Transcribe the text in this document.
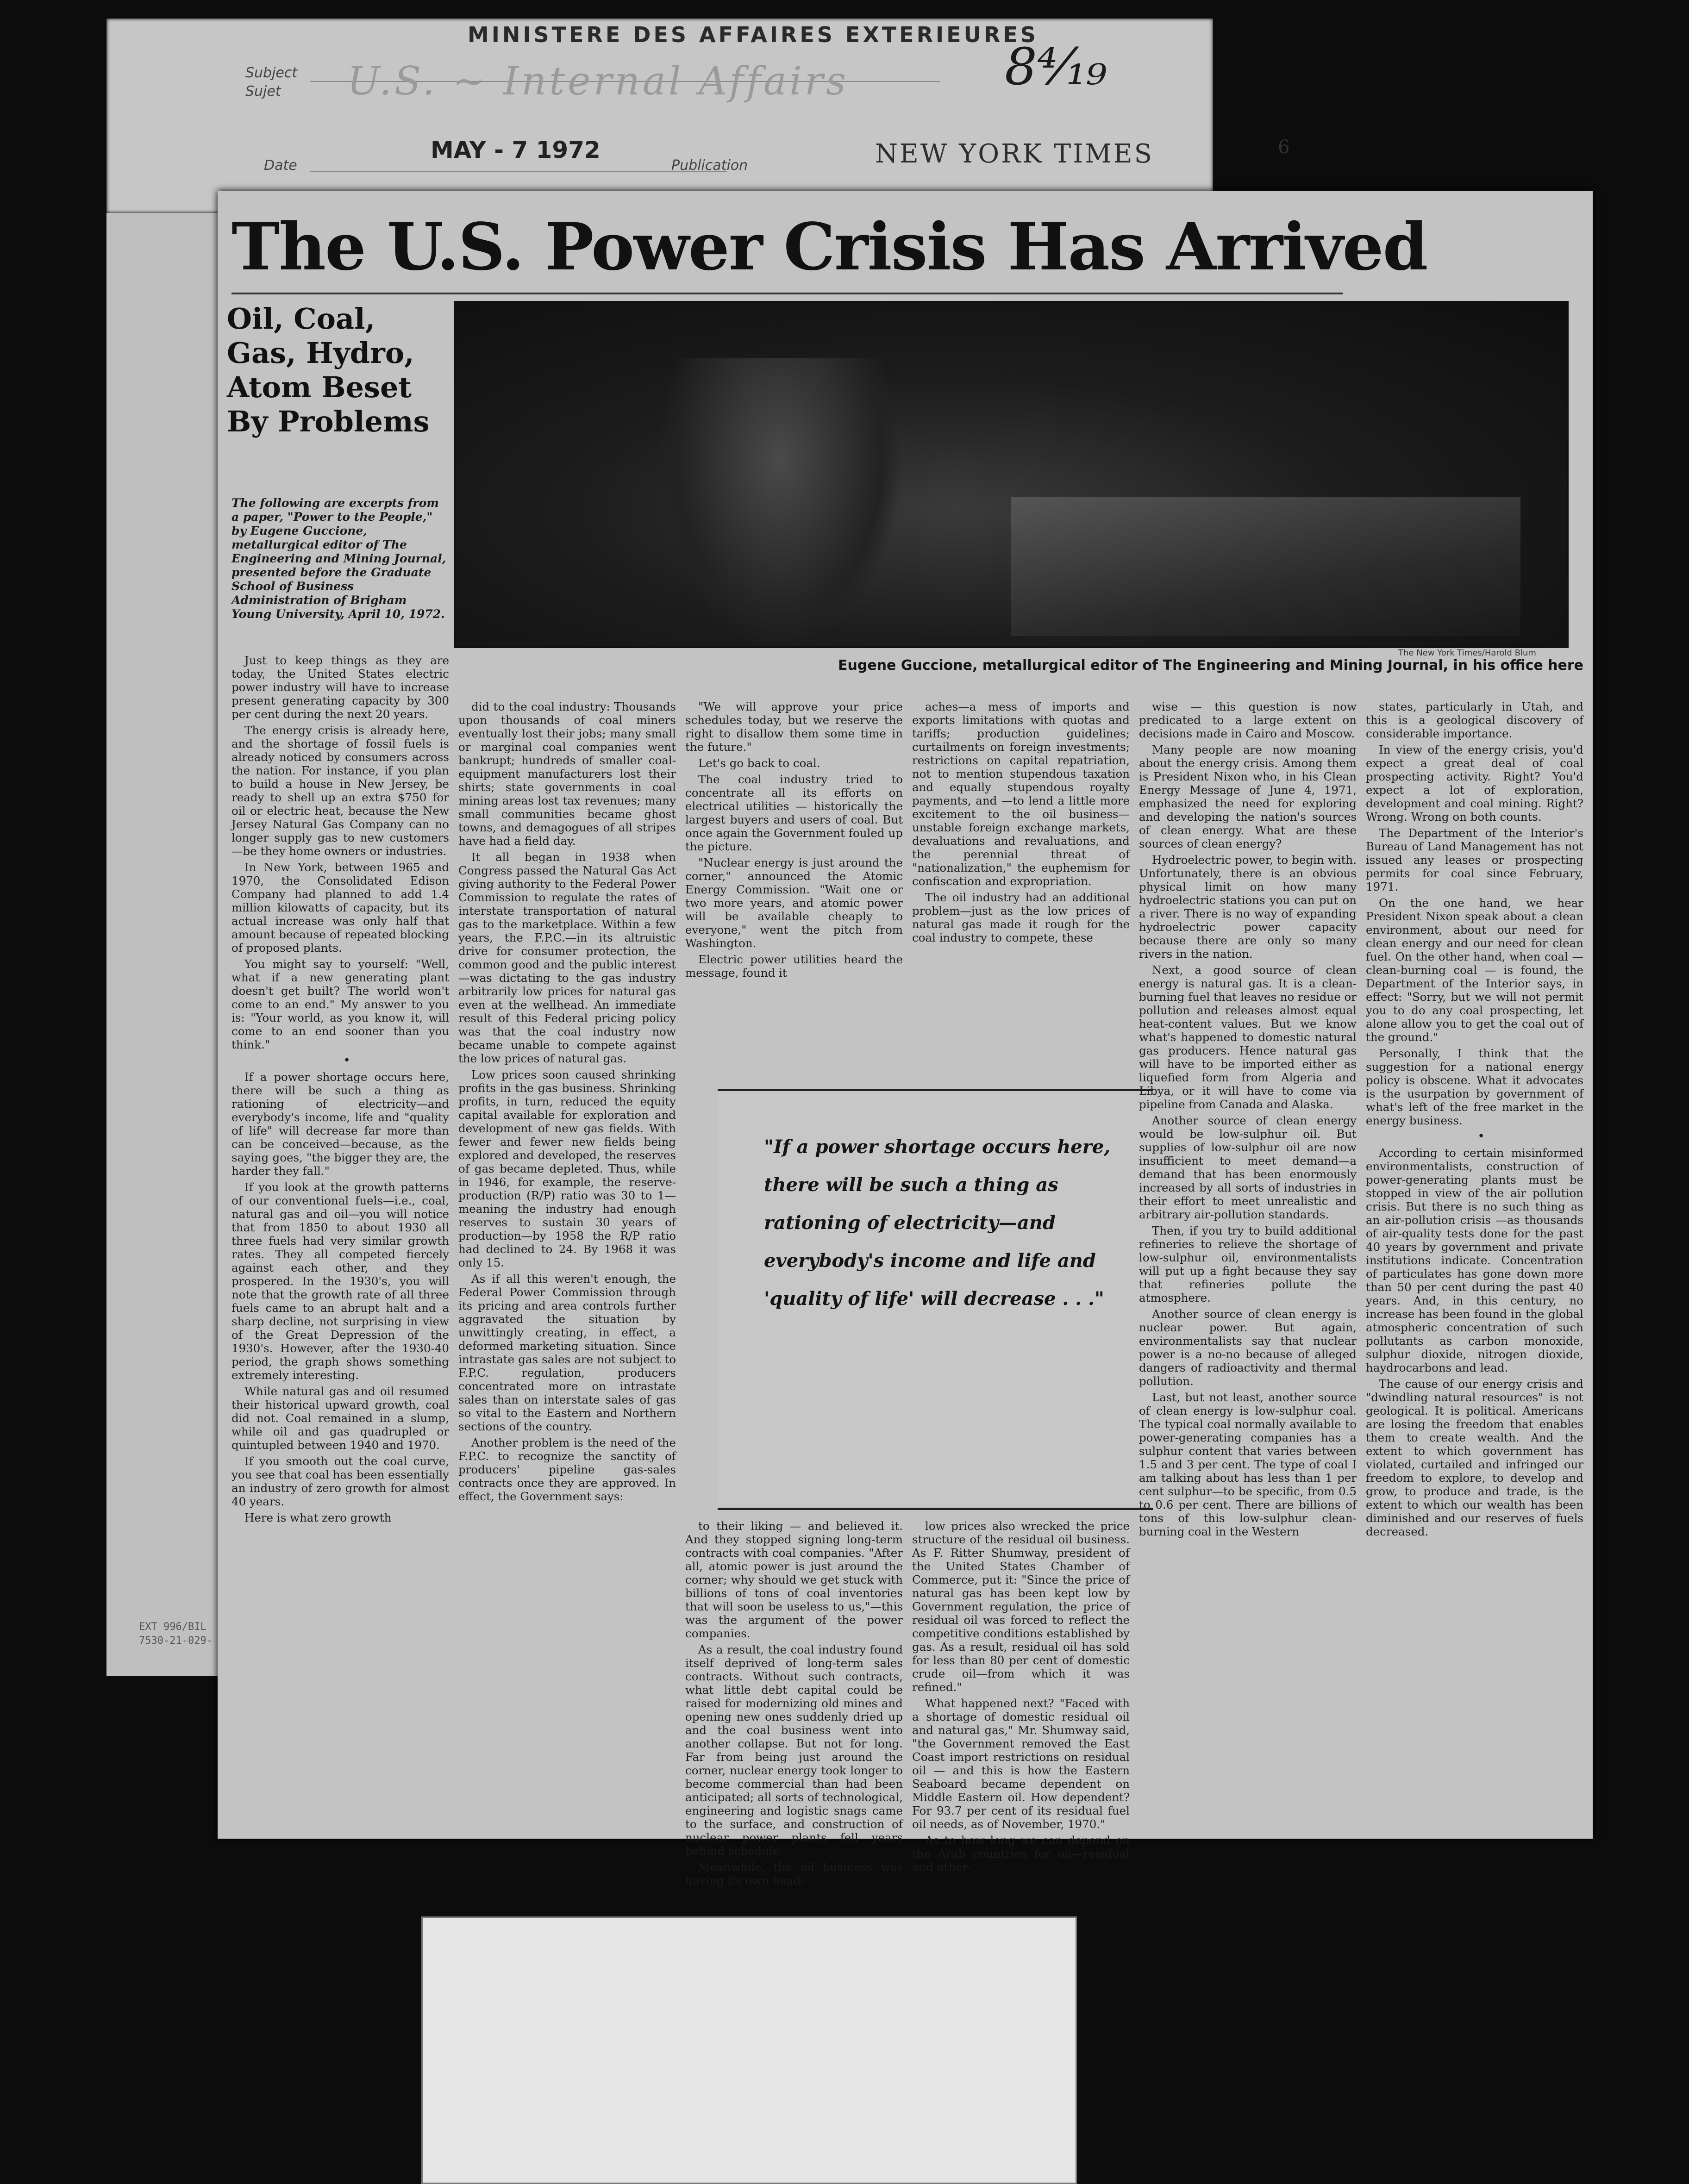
MINISTERE DES AFFAIRES EXTERIEURES
Subject
Sujet U.S. ~ Internal Affairs
Date
MAY - 7 1972
Publication	NEW YORK TIMES
8⁴⁄₁₉
6
EXT 996/BIL
7530-21-029-
The U.S. Power Crisis Has Arrived
Oil, Coal, Gas, Hydro, Atom Beset By Problems
The New York Times/Harold Blum
Eugene Guccione, metallurgical editor of The Engineering and Mining Journal, in his office here
The following are excerpts from a paper, "Power to the People," by Eugene Guccione, metallurgical editor of The Engineering and Mining Journal, presented before the Graduate School of Business Administration of Brigham Young University, April 10, 1972.

Just to keep things as they are today, the United States electric power industry will have to increase present generating capacity by 300 per cent during the next 20 years.

The energy crisis is already here, and the shortage of fossil fuels is already noticed by consumers across the nation. For instance, if you plan to build a house in New Jersey, be ready to shell up an extra $750 for oil or electric heat, because the New Jersey Natural Gas Company can no longer supply gas to new customers—be they home owners or industries.

In New York, between 1965 and 1970, the Consolidated Edison Company had planned to add 1.4 million kilowatts of capacity, but its actual increase was only half that amount because of repeated blocking of proposed plants.

You might say to yourself: "Well, what if a new generating plant doesn't get built? The world won't come to an end." My answer to you is: "Your world, as you know it, will come to an end sooner than you think."

•

If a power shortage occurs here, there will be such a thing as rationing of electricity—and everybody's income, life and "quality of life" will decrease far more than can be conceived—because, as the saying goes, "the bigger they are, the harder they fall."

If you look at the growth patterns of our conventional fuels—i.e., coal, natural gas and oil—you will notice that from 1850 to about 1930 all three fuels had very similar growth rates. They all competed fiercely against each other, and they prospered. In the 1930's, you will note that the growth rate of all three fuels came to an abrupt halt and a sharp decline, not surprising in view of the Great Depression of the 1930's. However, after the 1930-40 period, the graph shows something extremely interesting.

While natural gas and oil resumed their historical upward growth, coal did not. Coal remained in a slump, while oil and gas quadrupled or quintupled between 1940 and 1970.

If you smooth out the coal curve, you see that coal has been essentially an industry of zero growth for almost 40 years.

Here is what zero growth

did to the coal industry: Thousands upon thousands of coal miners eventually lost their jobs; many small or marginal coal companies went bankrupt; hundreds of smaller coal-equipment manufacturers lost their shirts; state governments in coal mining areas lost tax revenues; many small communities became ghost towns, and demagogues of all stripes have had a field day.

It all began in 1938 when Congress passed the Natural Gas Act giving authority to the Federal Power Commission to regulate the rates of interstate transportation of natural gas to the marketplace. Within a few years, the F.P.C.—in its altruistic drive for consumer protection, the common good and the public interest—was dictating to the gas industry arbitrarily low prices for natural gas even at the wellhead. An immediate result of this Federal pricing policy was that the coal industry now became unable to compete against the low prices of natural gas.

Low prices soon caused shrinking profits in the gas business. Shrinking profits, in turn, reduced the equity capital available for exploration and development of new gas fields. With fewer and fewer new fields being explored and developed, the reserves of gas became depleted. Thus, while in 1946, for example, the reserve-production (R/P) ratio was 30 to 1—meaning the industry had enough reserves to sustain 30 years of production—by 1958 the R/P ratio had declined to 24. By 1968 it was only 15.

As if all this weren't enough, the Federal Power Commission through its pricing and area controls further aggravated the situation by unwittingly creating, in effect, a deformed marketing situation. Since intrastate gas sales are not subject to F.P.C. regulation, producers concentrated more on intrastate sales than on interstate sales of gas so vital to the Eastern and Northern sections of the country.

Another problem is the need of the F.P.C. to recognize the sanctity of producers' pipeline gas-sales contracts once they are approved. In effect, the Government says:

"We will approve your price schedules today, but we reserve the right to disallow them some time in the future."

Let's go back to coal.

The coal industry tried to concentrate all its efforts on electrical utilities — historically the largest buyers and users of coal. But once again the Government fouled up the picture.

"Nuclear energy is just around the corner," announced the Atomic Energy Commission. "Wait one or two more years, and atomic power will be available cheaply to everyone," went the pitch from Washington.

Electric power utilities heard the message, found it

aches—a mess of imports and exports limitations with quotas and tariffs; production guidelines; curtailments on foreign investments; restrictions on capital repatriation, not to mention stupendous taxation and equally stupendous royalty payments, and —to lend a little more excitement to the oil business— unstable foreign exchange markets, devaluations and revaluations, and the perennial threat of "nationalization," the euphemism for confiscation and expropriation.

The oil industry had an additional problem—just as the low prices of natural gas made it rough for the coal industry to compete, these

"If a power shortage occurs here, there will be such a thing as rationing of electricity—and everybody's income and life and 'quality of life' will decrease . . ."

to their liking — and believed it. And they stopped signing long-term contracts with coal companies. "After all, atomic power is just around the corner; why should we get stuck with billions of tons of coal inventories that will soon be useless to us,"—this was the argument of the power companies.

As a result, the coal industry found itself deprived of long-term sales contracts. Without such contracts, what little debt capital could be raised for modernizing old mines and opening new ones suddenly dried up and the coal business went into another collapse. But not for long. Far from being just around the corner, nuclear energy took longer to become commercial than had been anticipated; all sorts of technological, engineering and logistic snags came to the surface, and construction of nuclear power plants fell years behind schedule.

Meanwhile, the oil business was having its own head-

low prices also wrecked the price structure of the residual oil business. As F. Ritter Shumway, president of the United States Chamber of Commerce, put it: "Since the price of natural gas has been kept low by Government regulation, the price of residual oil was forced to reflect the competitive conditions established by gas. As a result, residual oil has sold for less than 80 per cent of domestic crude oil—from which it was refined."

What happened next? "Faced with a shortage of domestic residual oil and natural gas," Mr. Shumway said, "the Government removed the East Coast import restrictions on residual oil — and this is how the Eastern Seaboard became dependent on Middle Eastern oil. How dependent? For 93.7 per cent of its residual fuel oil needs, as of November, 1970."

As to how long we can depend on the Arab countries for oil—residual and other-

wise — this question is now predicated to a large extent on decisions made in Cairo and Moscow.

Many people are now moaning about the energy crisis. Among them is President Nixon who, in his Clean Energy Message of June 4, 1971, emphasized the need for exploring and developing the nation's sources of clean energy. What are these sources of clean energy?

Hydroelectric power, to begin with. Unfortunately, there is an obvious physical limit on how many hydroelectric stations you can put on a river. There is no way of expanding hydroelectric power capacity because there are only so many rivers in the nation.

Next, a good source of clean energy is natural gas. It is a clean-burning fuel that leaves no residue or pollution and releases almost equal heat-content values. But we know what's happened to domestic natural gas producers. Hence natural gas will have to be imported either as liquefied form from Algeria and Libya, or it will have to come via pipeline from Canada and Alaska.

Another source of clean energy would be low-sulphur oil. But supplies of low-sulphur oil are now insufficient to meet demand—a demand that has been enormously increased by all sorts of industries in their effort to meet unrealistic and arbitrary air-pollution standards.

Then, if you try to build additional refineries to relieve the shortage of low-sulphur oil, environmentalists will put up a fight because they say that refineries pollute the atmosphere.

Another source of clean energy is nuclear power. But again, environmentalists say that nuclear power is a no-no because of alleged dangers of radioactivity and thermal pollution.

Last, but not least, another source of clean energy is low-sulphur coal. The typical coal normally available to power-generating companies has a sulphur content that varies between 1.5 and 3 per cent. The type of coal I am talking about has less than 1 per cent sulphur—to be specific, from 0.5 to 0.6 per cent. There are billions of tons of this low-sulphur clean-burning coal in the Western

states, particularly in Utah, and this is a geological discovery of considerable importance.

In view of the energy crisis, you'd expect a great deal of coal prospecting activity. Right? You'd expect a lot of exploration, development and coal mining. Right? Wrong. Wrong on both counts.

The Department of the Interior's Bureau of Land Management has not issued any leases or prospecting permits for coal since February, 1971.

On the one hand, we hear President Nixon speak about a clean environment, about our need for clean energy and our need for clean fuel. On the other hand, when coal — clean-burning coal — is found, the Department of the Interior says, in effect: "Sorry, but we will not permit you to do any coal prospecting, let alone allow you to get the coal out of the ground."

Personally, I think that the suggestion for a national energy policy is obscene. What it advocates is the usurpation by government of what's left of the free market in the energy business.

•

According to certain misinformed environmentalists, construction of power-generating plants must be stopped in view of the air pollution crisis. But there is no such thing as an air-pollution crisis —as thousands of air-quality tests done for the past 40 years by government and private institutions indicate. Concentration of particulates has gone down more than 50 per cent during the past 40 years. And, in this century, no increase has been found in the global atmospheric concentration of such pollutants as carbon monoxide, sulphur dioxide, nitrogen dioxide, haydrocarbons and lead.

The cause of our energy crisis and "dwindling natural resources" is not geological. It is political. Americans are losing the freedom that enables them to create wealth. And the extent to which government has violated, curtailed and infringed our freedom to explore, to develop and grow, to produce and trade, is the extent to which our wealth has been diminished and our reserves of fuels decreased.
